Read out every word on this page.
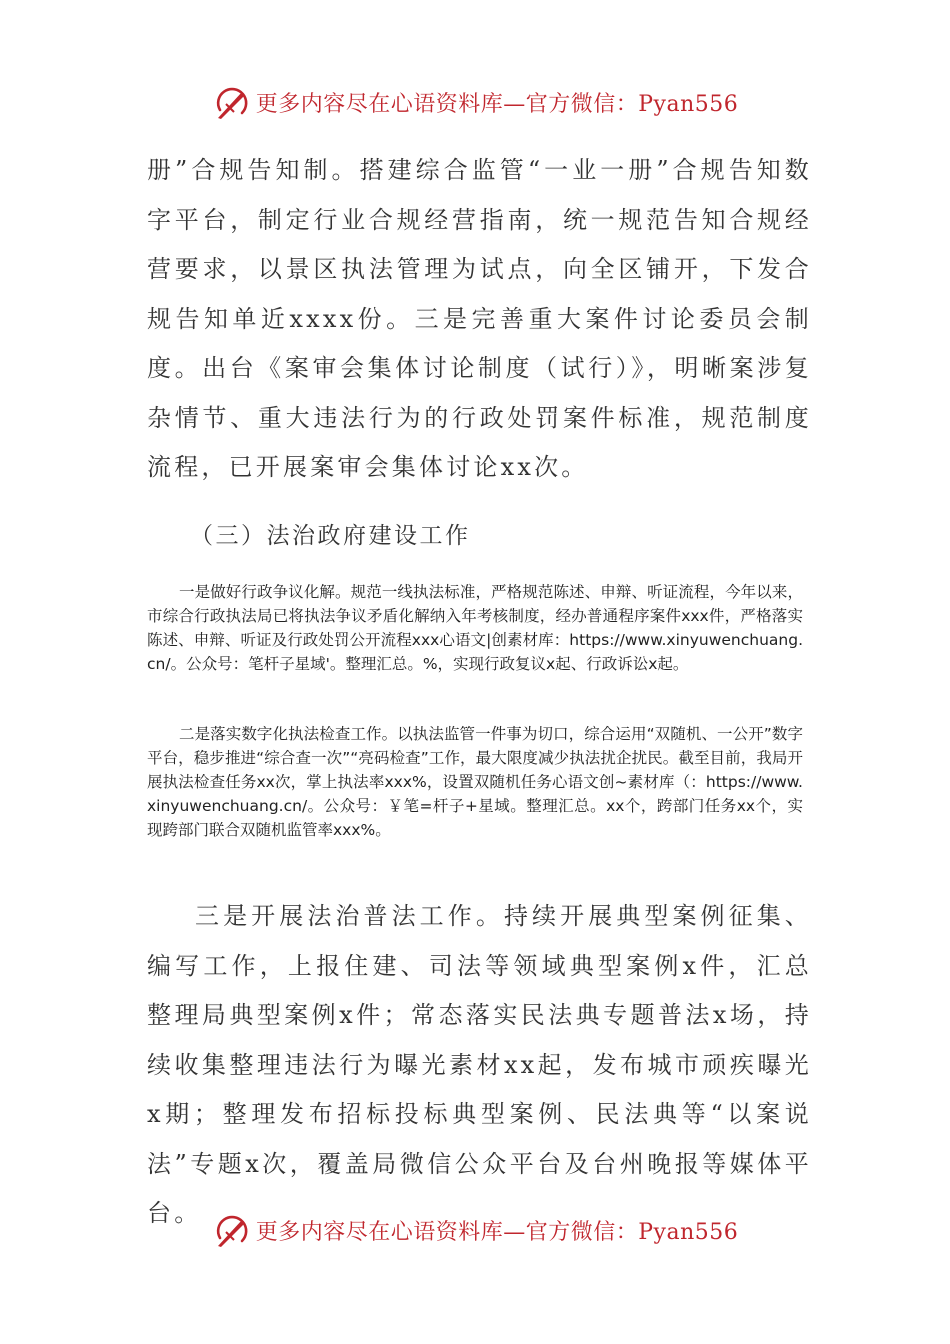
更多内容尽在心语资料库—官方微信：Pyan556

册”合规告知制。搭建综合监管“一业一册”合规告知数字平台，制定行业合规经营指南，统一规范告知合规经营要求，以景区执法管理为试点，向全区铺开，下发合规告知单近xxxx份。三是完善重大案件讨论委员会制度。出台《案审会集体讨论制度（试行）》，明晰案涉复杂情节、重大违法行为的行政处罚案件标准，规范制度流程，已开展案审会集体讨论xx次。

（三）法治政府建设工作

一是做好行政争议化解。规范一线执法标准，严格规范陈述、申辩、听证流程，今年以来，市综合行政执法局已将执法争议矛盾化解纳入年考核制度，经办普通程序案件xxx件，严格落实陈述、申辩、听证及行政处罚公开流程xxx心语文|创素材库：https://www.xinyuwenchuang.cn/。公众号：笔杆子星域'。整理汇总。%，实现行政复议x起、行政诉讼x起。

二是落实数字化执法检查工作。以执法监管一件事为切口，综合运用“双随机、一公开”数字平台，稳步推进“综合查一次”“亮码检查”工作，最大限度减少执法扰企扰民。截至目前，我局开展执法检查任务xx次，掌上执法率xxx%，设置双随机任务心语文创~素材库（：https://www.xinyuwenchuang.cn/。公众号：￥笔=杆子+星域。整理汇总。xx个，跨部门任务xx个，实现跨部门联合双随机监管率xxx%。

三是开展法治普法工作。持续开展典型案例征集、编写工作，上报住建、司法等领域典型案例x件，汇总整理局典型案例x件；常态落实民法典专题普法x场，持续收集整理违法行为曝光素材xx起，发布城市顽疾曝光x期；整理发布招标投标典型案例、民法典等“以案说法”专题x次，覆盖局微信公众平台及台州晚报等媒体平台。

更多内容尽在心语资料库—官方微信：Pyan556
